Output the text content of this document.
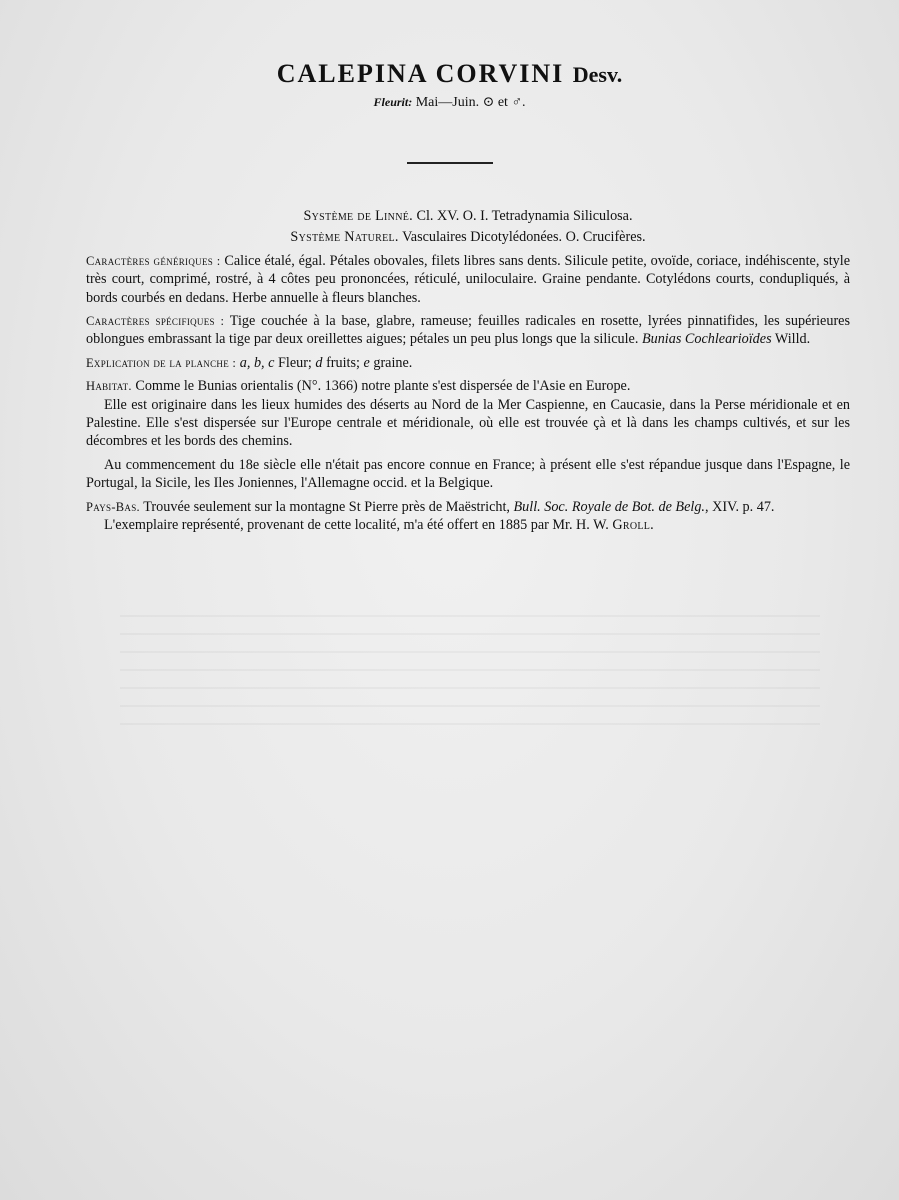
CALEPINA CORVINI Desv.

Fleurit: Mai—Juin. ⊙ et ♂.

Système de Linné. Cl. XV. O. I. Tetradynamia Siliculosa.

Système Naturel. Vasculaires Dicotylédonées. O. Crucifères.

Caractères génériques : Calice étalé, égal. Pétales obovales, filets libres sans dents. Silicule petite, ovoïde, coriace, indéhiscente, style très court, comprimé, rostré, à 4 côtes peu prononcées, réticulé, uniloculaire. Graine pendante. Cotylédons courts, condupliqués, à bords courbés en dedans. Herbe annuelle à fleurs blanches.

Caractères spécifiques : Tige couchée à la base, glabre, rameuse; feuilles radicales en rosette, lyrées pinnatifides, les supérieures oblongues embrassant la tige par deux oreillettes aigues; pétales un peu plus longs que la silicule. Bunias Cochlearioïdes Willd.

Explication de la planche : a, b, c Fleur; d fruits; e graine.

Habitat. Comme le Bunias orientalis (N°. 1366) notre plante s'est dispersée de l'Asie en Europe.

Elle est originaire dans les lieux humides des déserts au Nord de la Mer Caspienne, en Caucasie, dans la Perse méridionale et en Palestine. Elle s'est dispersée sur l'Europe centrale et méridionale, où elle est trouvée çà et là dans les champs cultivés, et sur les décombres et les bords des chemins.

Au commencement du 18e siècle elle n'était pas encore connue en France; à présent elle s'est répandue jusque dans l'Espagne, le Portugal, la Sicile, les Iles Joniennes, l'Allemagne occid. et la Belgique.

Pays-Bas. Trouvée seulement sur la montagne St Pierre près de Maëstricht, Bull. Soc. Royale de Bot. de Belg., XIV. p. 47.

L'exemplaire représenté, provenant de cette localité, m'a été offert en 1885 par Mr. H. W. Groll.
